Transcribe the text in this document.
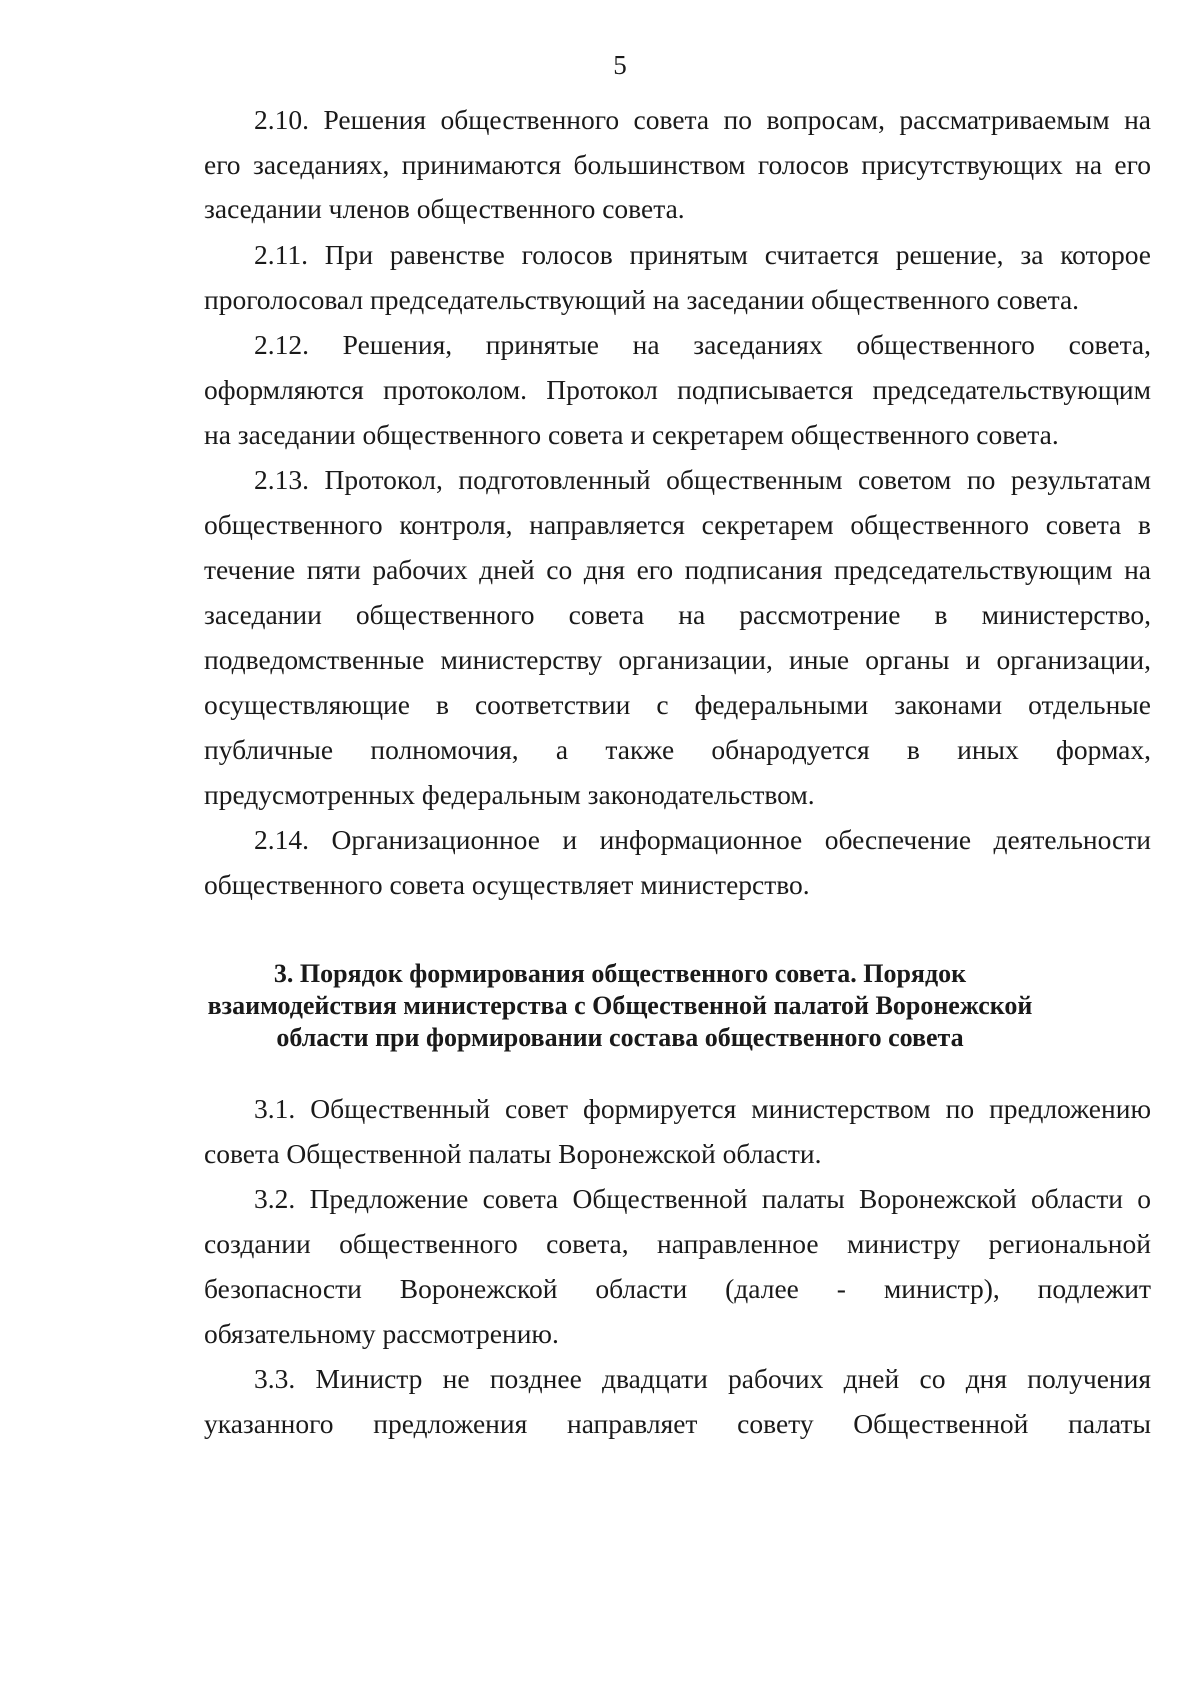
5
2.10. Решения общественного совета по вопросам, рассматриваемым на
его заседаниях, принимаются большинством голосов присутствующих на его
заседании членов общественного совета.
2.11. При равенстве голосов принятым считается решение, за которое
проголосовал председательствующий на заседании общественного совета.
2.12. Решения, принятые на заседаниях общественного совета,
оформляются протоколом. Протокол подписывается председательствующим
на заседании общественного совета и секретарем общественного совета.
2.13. Протокол, подготовленный общественным советом по результатам
общественного контроля, направляется секретарем общественного совета в
течение пяти рабочих дней со дня его подписания председательствующим на
заседании общественного совета на рассмотрение в министерство,
подведомственные министерству организации, иные органы и организации,
осуществляющие в соответствии с федеральными законами отдельные
публичные полномочия, а также обнародуется в иных формах,
предусмотренных федеральным законодательством.
2.14. Организационное и информационное обеспечение деятельности
общественного совета осуществляет министерство.
3. Порядок формирования общественного совета. Порядок
взаимодействия министерства с Общественной палатой Воронежской
области при формировании состава общественного совета
3.1. Общественный совет формируется министерством по предложению
совета Общественной палаты Воронежской области.
3.2. Предложение совета Общественной палаты Воронежской области о
создании общественного совета, направленное министру региональной
безопасности Воронежской области (далее - министр), подлежит
обязательному рассмотрению.
3.3. Министр не позднее двадцати рабочих дней со дня получения
указанного предложения направляет совету Общественной палаты
